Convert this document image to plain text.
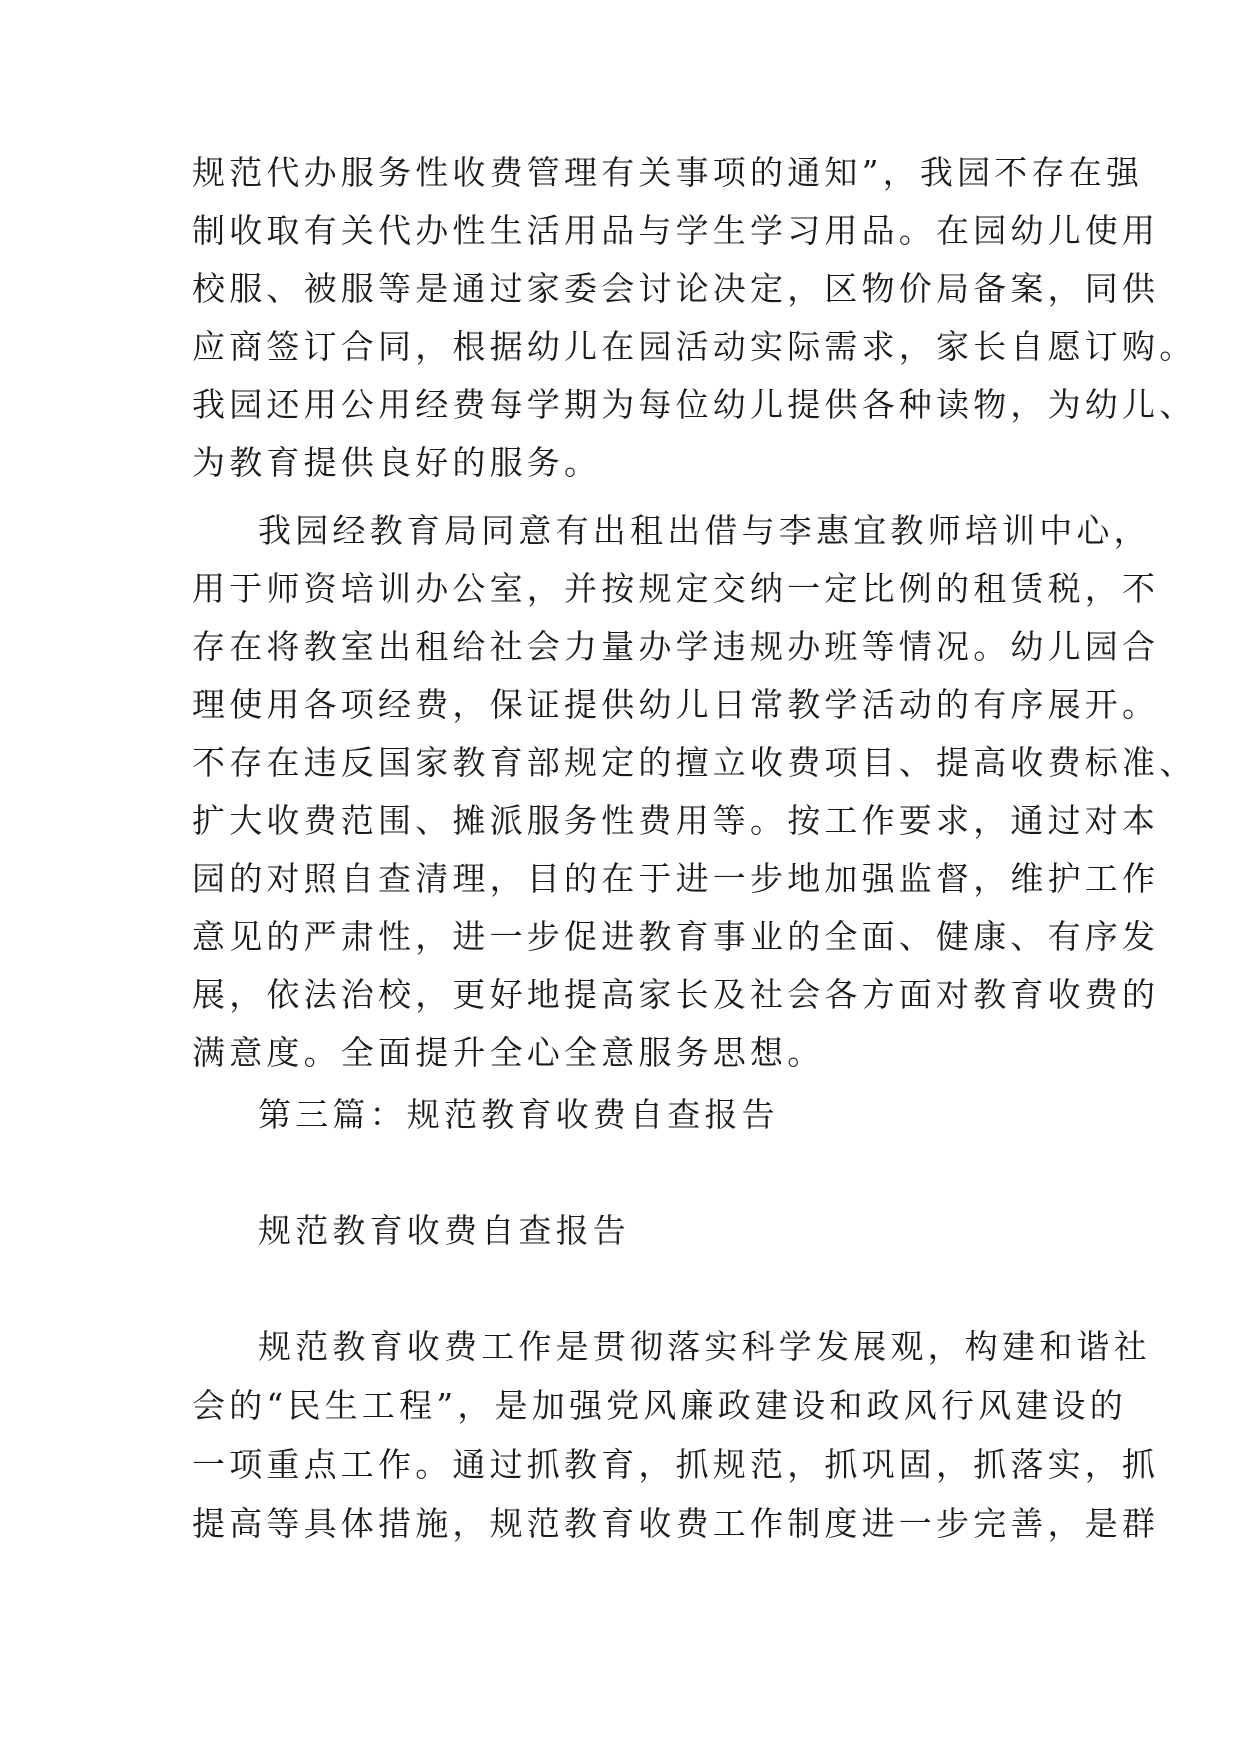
规范代办服务性收费管理有关事项的通知”，我园不存在强
制收取有关代办性生活用品与学生学习用品。在园幼儿使用
校服、被服等是通过家委会讨论决定，区物价局备案，同供
应商签订合同，根据幼儿在园活动实际需求，家长自愿订购。
我园还用公用经费每学期为每位幼儿提供各种读物，为幼儿、
为教育提供良好的服务。
我园经教育局同意有出租出借与李惠宜教师培训中心，
用于师资培训办公室，并按规定交纳一定比例的租赁税，不
存在将教室出租给社会力量办学违规办班等情况。幼儿园合
理使用各项经费，保证提供幼儿日常教学活动的有序展开。
不存在违反国家教育部规定的擅立收费项目、提高收费标准、
扩大收费范围、摊派服务性费用等。按工作要求，通过对本
园的对照自查清理，目的在于进一步地加强监督，维护工作
意见的严肃性，进一步促进教育事业的全面、健康、有序发
展，依法治校，更好地提高家长及社会各方面对教育收费的
满意度。全面提升全心全意服务思想。
第三篇：规范教育收费自查报告
规范教育收费自查报告
规范教育收费工作是贯彻落实科学发展观，构建和谐社
会的“民生工程”，是加强党风廉政建设和政风行风建设的
一项重点工作。通过抓教育，抓规范，抓巩固，抓落实，抓
提高等具体措施，规范教育收费工作制度进一步完善，是群
